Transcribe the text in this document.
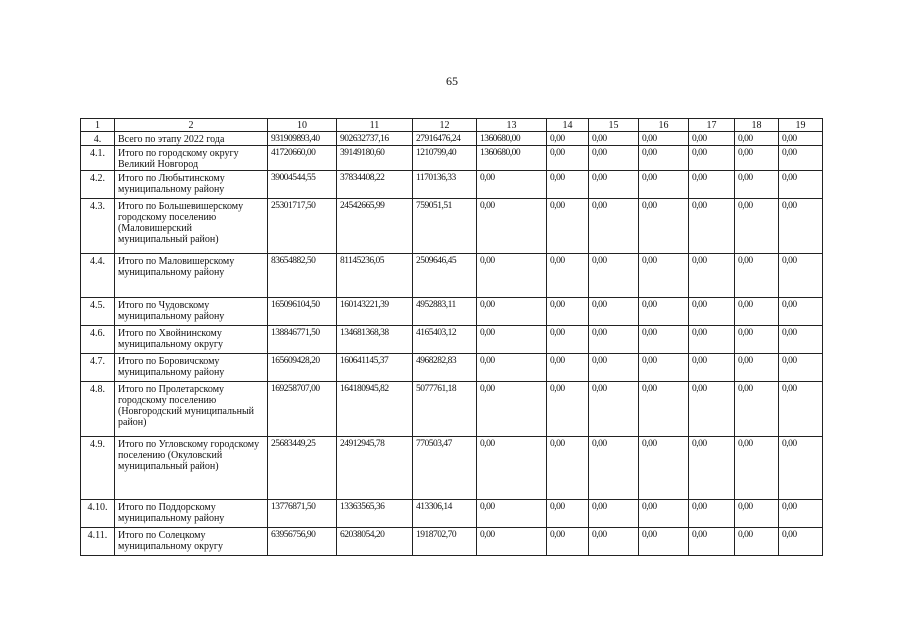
65
1	2	10	11	12	13	14	15	16	17	18	19
4.	Всего по этапу 2022 года	931909893,40	902632737,16	27916476,24	1360680,00	0,00	0,00	0,00	0,00	0,00	0,00
4.1.	Итого по городскому округу Великий Новгород	41720660,00	39149180,60	1210799,40	1360680,00	0,00	0,00	0,00	0,00	0,00	0,00
4.2.	Итого по Любытинскому муниципальному району	39004544,55	37834408,22	1170136,33	0,00	0,00	0,00	0,00	0,00	0,00	0,00
4.3.	Итого по Большевишерскому городскому поселению (Маловишерский муниципальный район)	25301717,50	24542665,99	759051,51	0,00	0,00	0,00	0,00	0,00	0,00	0,00
4.4.	Итого по Маловишерскому муниципальному району	83654882,50	81145236,05	2509646,45	0,00	0,00	0,00	0,00	0,00	0,00	0,00
4.5.	Итого по Чудовскому муниципальному району	165096104,50	160143221,39	4952883,11	0,00	0,00	0,00	0,00	0,00	0,00	0,00
4.6.	Итого по Хвойнинскому муниципальному округу	138846771,50	134681368,38	4165403,12	0,00	0,00	0,00	0,00	0,00	0,00	0,00
4.7.	Итого по Боровичскому муниципальному району	165609428,20	160641145,37	4968282,83	0,00	0,00	0,00	0,00	0,00	0,00	0,00
4.8.	Итого по Пролетарскому городскому поселению (Новгородский муниципальный район)	169258707,00	164180945,82	5077761,18	0,00	0,00	0,00	0,00	0,00	0,00	0,00
4.9.	Итого по Угловскому городскому поселению (Окуловский муниципальный район)	25683449,25	24912945,78	770503,47	0,00	0,00	0,00	0,00	0,00	0,00	0,00
4.10.	Итого по Поддорскому муниципальному району	13776871,50	13363565,36	413306,14	0,00	0,00	0,00	0,00	0,00	0,00	0,00
4.11.	Итого по Солецкому муниципальному округу	63956756,90	62038054,20	1918702,70	0,00	0,00	0,00	0,00	0,00	0,00	0,00
